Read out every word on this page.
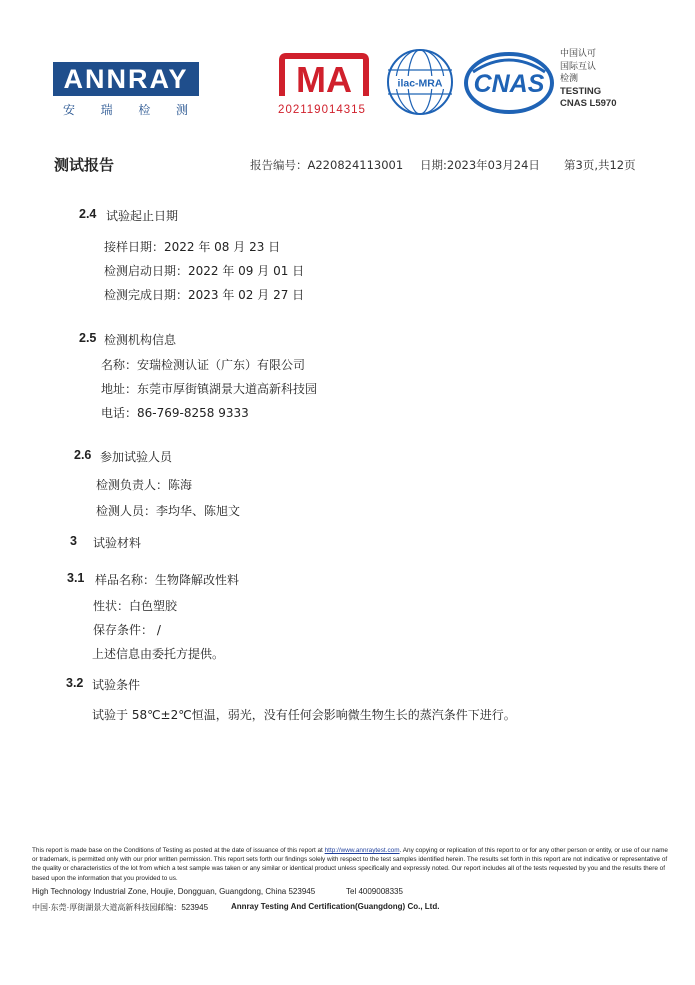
ANNRAY
安 瑞 检 测
MA
202119014315
ilac-MRA CNAS
中国认可
国际互认
检测
TESTING
CNAS L5970
测试报告	报告编号：A220824113001 日期:2023年03月24日 第3页,共12页
2.4 试验起止日期
接样日期：2022 年 08 月 23 日
检测启动日期：2022 年 09 月 01 日
检测完成日期：2023 年 02 月 27 日
2.5 检测机构信息
名称：安瑞检测认证（广东）有限公司
地址：东莞市厚街镇湖景大道高新科技园
电话：86-769-8258 9333
2.6 参加试验人员
检测负责人：陈海
检测人员：李均华、陈旭文
3 试验材料
3.1 样品名称：生物降解改性料
性状：白色塑胶
保存条件： /
上述信息由委托方提供。
3.2 试验条件
试验于 58℃±2℃恒温，弱光，没有任何会影响微生物生长的蒸汽条件下进行。
This report is made base on the Conditions of Testing as posted at the date of issuance of this report at http://www.annraytest.com. Any copying or replication of this report to or for any other person or entity, or use of our name or trademark, is permitted only with our prior written permission. This report sets forth our findings solely with respect to the test samples identified herein. The results set forth in this report are not indicative or representative of the quality or characteristics of the lot from which a test sample was taken or any similar or identical product unless specifically and expressly noted. Our report includes all of the tests requested by you and the results there of based upon the information that you provided to us.
High Technology Industrial Zone, Houjie, Dongguan, Guangdong, China 523945	Tel 4009008335
中国·东莞·厚街湖景大道高新科技园邮编：523945	Annray Testing And Certification(Guangdong) Co., Ltd.
